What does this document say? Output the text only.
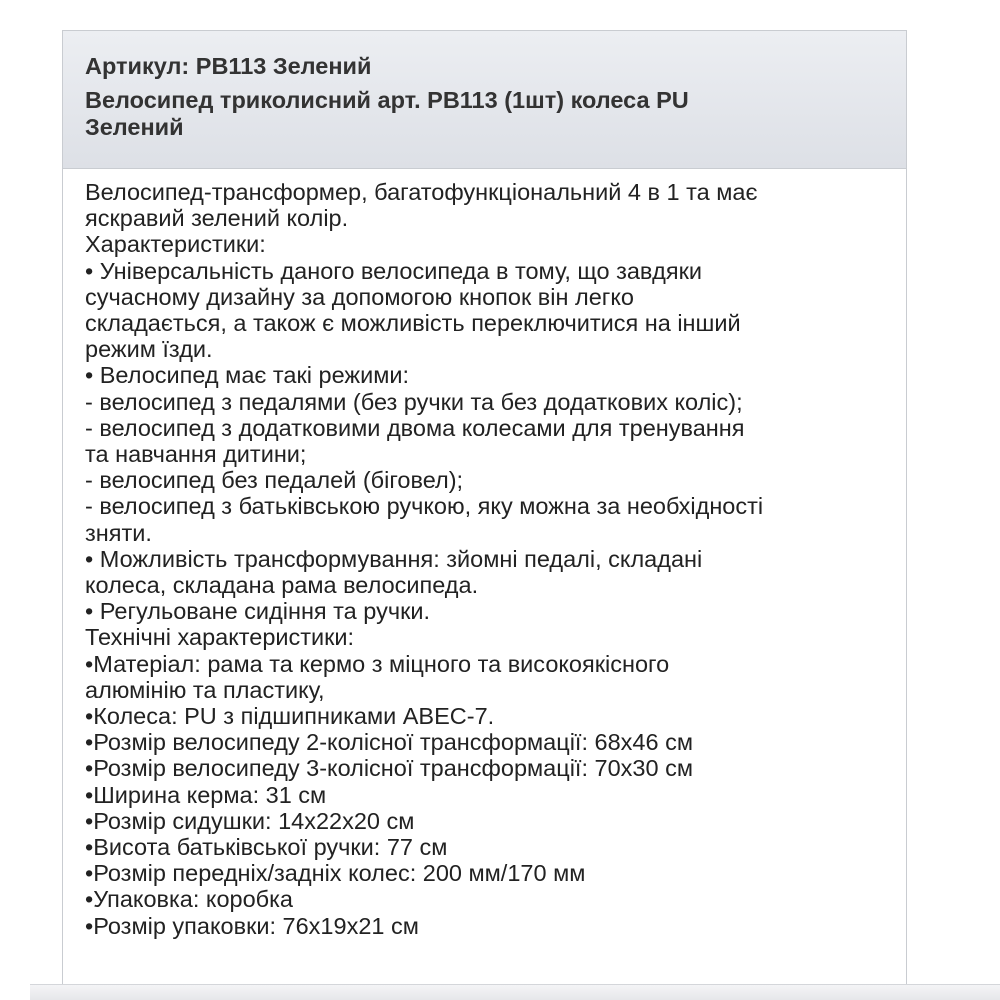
Артикул: PB113 Зелений
Велосипед триколисний арт. PB113 (1шт) колеса PU
Зелений
Велосипед-трансформер, багатофункціональний 4 в 1 та має
яскравий зелений колір.
Характеристики:
• Універсальність даного велосипеда в тому, що завдяки
сучасному дизайну за допомогою кнопок він легко
складається, а також є можливість переключитися на інший
режим їзди.
• Велосипед має такі режими:
- велосипед з педалями (без ручки та без додаткових коліс);
- велосипед з додатковими двома колесами для тренування
та навчання дитини;
- велосипед без педалей (біговел);
- велосипед з батьківською ручкою, яку можна за необхідності
зняти.
• Можливість трансформування: зйомні педалі, складані
колеса, складана рама велосипеда.
• Регульоване сидіння та ручки.
Технічні характеристики:
•Матеріал: рама та кермо з міцного та високоякісного
алюмінію та пластику,
•Колеса: PU з підшипниками ABEC-7.
•Розмір велосипеду 2-колісної трансформації: 68х46 см
•Розмір велосипеду 3-колісної трансформації: 70х30 см
•Ширина керма: 31 см
•Розмір сидушки: 14х22х20 см
•Висота батьківської ручки: 77 см
•Розмір передніх/задніх колес: 200 мм/170 мм
•Упаковка: коробка
•Розмір упаковки: 76х19х21 см
